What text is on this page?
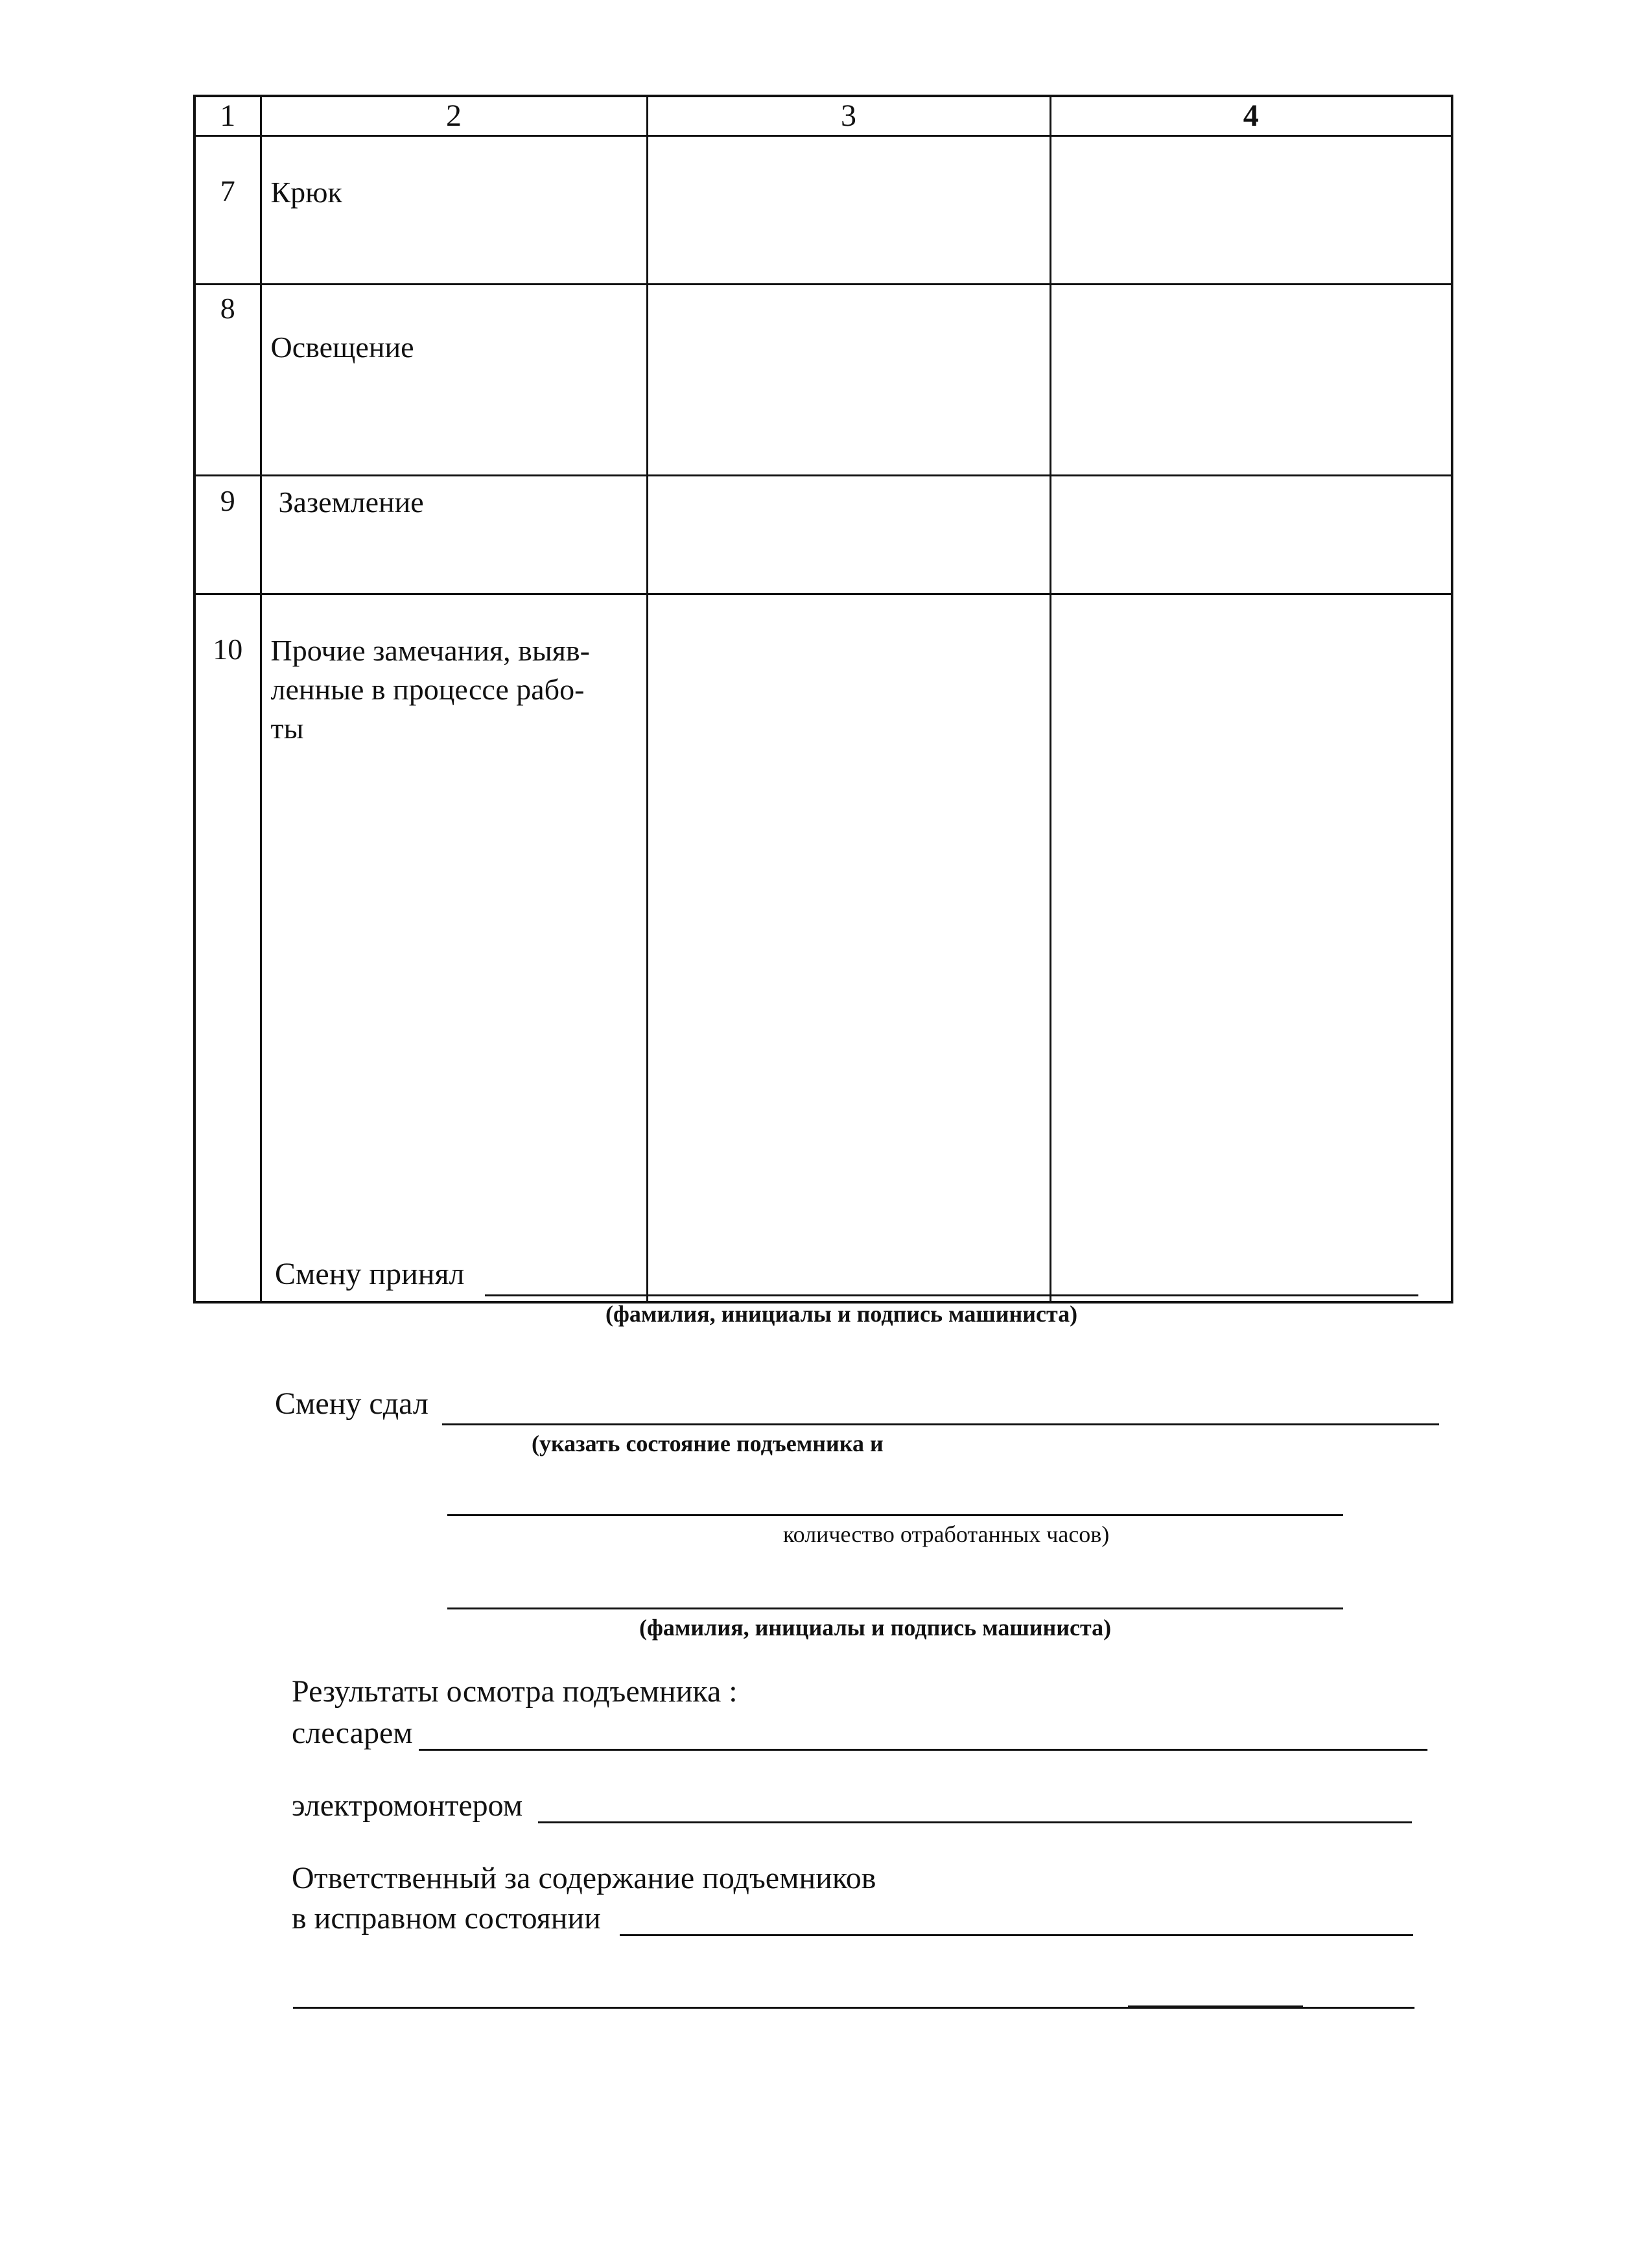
1	2	3	4
7	Крюк		
8	Освещение		
9	Заземление		
10	Прочие замечания, выяв-
ленные в процессе рабо-
ты		

Смену принял
(фамилия, инициалы и подпись машиниста)
Смену сдал
(указать состояние подъемника и
количество отработанных часов)
(фамилия, инициалы и подпись машиниста)
Результаты осмотра подъемника :
слесарем
электромонтером
Ответственный за содержание подъемников
в исправном состоянии
